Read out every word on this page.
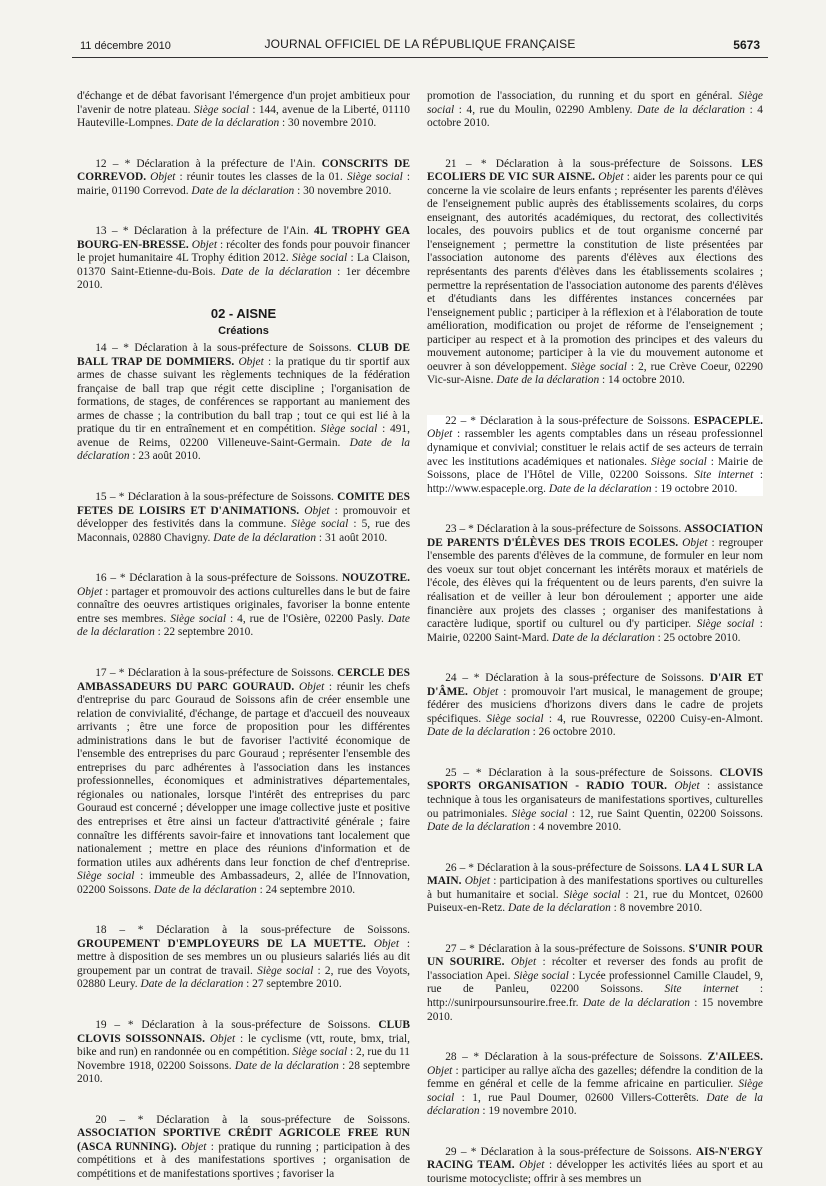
11 décembre 2010	JOURNAL OFFICIEL DE LA RÉPUBLIQUE FRANÇAISE	5673

d'échange et de débat favorisant l'émergence d'un projet ambitieux pour l'avenir de notre plateau. Siège social : 144, avenue de la Liberté, 01110 Hauteville-Lompnes. Date de la déclaration : 30 novembre 2010.

12 – * Déclaration à la préfecture de l'Ain. CONSCRITS DE CORREVOD. Objet : réunir toutes les classes de la 01. Siège social : mairie, 01190 Correvod. Date de la déclaration : 30 novembre 2010.

13 – * Déclaration à la préfecture de l'Ain. 4L TROPHY GEA BOURG-EN-BRESSE. Objet : récolter des fonds pour pouvoir financer le projet humanitaire 4L Trophy édition 2012. Siège social : La Claison, 01370 Saint-Etienne-du-Bois. Date de la déclaration : 1er décembre 2010.

02 - AISNE

Créations

14 – * Déclaration à la sous-préfecture de Soissons. CLUB DE BALL TRAP DE DOMMIERS. Objet : la pratique du tir sportif aux armes de chasse suivant les règlements techniques de la fédération française de ball trap que régit cette discipline ; l'organisation de formations, de stages, de conférences se rapportant au maniement des armes de chasse ; la contribution du ball trap ; tout ce qui est lié à la pratique du tir en entraînement et en compétition. Siège social : 491, avenue de Reims, 02200 Villeneuve-Saint-Germain. Date de la déclaration : 23 août 2010.

15 – * Déclaration à la sous-préfecture de Soissons. COMITE DES FETES DE LOISIRS ET D'ANIMATIONS. Objet : promouvoir et développer des festivités dans la commune. Siège social : 5, rue des Maconnais, 02880 Chavigny. Date de la déclaration : 31 août 2010.

16 – * Déclaration à la sous-préfecture de Soissons. NOUZOTRE. Objet : partager et promouvoir des actions culturelles dans le but de faire connaître des oeuvres artistiques originales, favoriser la bonne entente entre ses membres. Siège social : 4, rue de l'Osière, 02200 Pasly. Date de la déclaration : 22 septembre 2010.

17 – * Déclaration à la sous-préfecture de Soissons. CERCLE DES AMBASSADEURS DU PARC GOURAUD. Objet : réunir les chefs d'entreprise du parc Gouraud de Soissons afin de créer ensemble une relation de convivialité, d'échange, de partage et d'accueil des nouveaux arrivants ; être une force de proposition pour les différentes administrations dans le but de favoriser l'activité économique de l'ensemble des entreprises du parc Gouraud ; représenter l'ensemble des entreprises du parc adhérentes à l'association dans les instances professionnelles, économiques et administratives départementales, régionales ou nationales, lorsque l'intérêt des entreprises du parc Gouraud est concerné ; développer une image collective juste et positive des entreprises et être ainsi un facteur d'attractivité générale ; faire connaître les différents savoir-faire et innovations tant localement que nationalement ; mettre en place des réunions d'information et de formation utiles aux adhérents dans leur fonction de chef d'entreprise. Siège social : immeuble des Ambassadeurs, 2, allée de l'Innovation, 02200 Soissons. Date de la déclaration : 24 septembre 2010.

18 – * Déclaration à la sous-préfecture de Soissons. GROUPEMENT D'EMPLOYEURS DE LA MUETTE. Objet : mettre à disposition de ses membres un ou plusieurs salariés liés au dit groupement par un contrat de travail. Siège social : 2, rue des Voyots, 02880 Leury. Date de la déclaration : 27 septembre 2010.

19 – * Déclaration à la sous-préfecture de Soissons. CLUB CLOVIS SOISSONNAIS. Objet : le cyclisme (vtt, route, bmx, trial, bike and run) en randonnée ou en compétition. Siège social : 2, rue du 11 Novembre 1918, 02200 Soissons. Date de la déclaration : 28 septembre 2010.

20 – * Déclaration à la sous-préfecture de Soissons. ASSOCIATION SPORTIVE CRÉDIT AGRICOLE FREE RUN (ASCA RUNNING). Objet : pratique du running ; participation à des compétitions et à des manifestations sportives ; organisation de compétitions et de manifestations sportives ; favoriser la

promotion de l'association, du running et du sport en général. Siège social : 4, rue du Moulin, 02290 Ambleny. Date de la déclaration : 4 octobre 2010.

21 – * Déclaration à la sous-préfecture de Soissons. LES ECOLIERS DE VIC SUR AISNE. Objet : aider les parents pour ce qui concerne la vie scolaire de leurs enfants ; représenter les parents d'élèves de l'enseignement public auprès des établissements scolaires, du corps enseignant, des autorités académiques, du rectorat, des collectivités locales, des pouvoirs publics et de tout organisme concerné par l'enseignement ; permettre la constitution de liste présentées par l'association autonome des parents d'élèves aux élections des représentants des parents d'élèves dans les établissements scolaires ; permettre la représentation de l'association autonome des parents d'élèves et d'étudiants dans les différentes instances concernées par l'enseignement public ; participer à la réflexion et à l'élaboration de toute amélioration, modification ou projet de réforme de l'enseignement ; participer au respect et à la promotion des principes et des valeurs du mouvement autonome; participer à la vie du mouvement autonome et oeuvrer à son développement. Siège social : 2, rue Crève Coeur, 02290 Vic-sur-Aisne. Date de la déclaration : 14 octobre 2010.

22 – * Déclaration à la sous-préfecture de Soissons. ESPACEPLE. Objet : rassembler les agents comptables dans un réseau professionnel dynamique et convivial; constituer le relais actif de ses acteurs de terrain avec les institutions académiques et nationales. Siège social : Mairie de Soissons, place de l'Hôtel de Ville, 02200 Soissons. Site internet : http://www.espaceple.org. Date de la déclaration : 19 octobre 2010.

23 – * Déclaration à la sous-préfecture de Soissons. ASSOCIATION DE PARENTS D'ÉLÈVES DES TROIS ECOLES. Objet : regrouper l'ensemble des parents d'élèves de la commune, de formuler en leur nom des voeux sur tout objet concernant les intérêts moraux et matériels de l'école, des élèves qui la fréquentent ou de leurs parents, d'en suivre la réalisation et de veiller à leur bon déroulement ; apporter une aide financière aux projets des classes ; organiser des manifestations à caractère ludique, sportif ou culturel ou d'y participer. Siège social : Mairie, 02200 Saint-Mard. Date de la déclaration : 25 octobre 2010.

24 – * Déclaration à la sous-préfecture de Soissons. D'AIR ET D'ÂME. Objet : promouvoir l'art musical, le management de groupe; fédérer des musiciens d'horizons divers dans le cadre de projets spécifiques. Siège social : 4, rue Rouvresse, 02200 Cuisy-en-Almont. Date de la déclaration : 26 octobre 2010.

25 – * Déclaration à la sous-préfecture de Soissons. CLOVIS SPORTS ORGANISATION - RADIO TOUR. Objet : assistance technique à tous les organisateurs de manifestations sportives, culturelles ou patrimoniales. Siège social : 12, rue Saint Quentin, 02200 Soissons. Date de la déclaration : 4 novembre 2010.

26 – * Déclaration à la sous-préfecture de Soissons. LA 4 L SUR LA MAIN. Objet : participation à des manifestations sportives ou culturelles à but humanitaire et social. Siège social : 21, rue du Montcet, 02600 Puiseux-en-Retz. Date de la déclaration : 8 novembre 2010.

27 – * Déclaration à la sous-préfecture de Soissons. S'UNIR POUR UN SOURIRE. Objet : récolter et reverser des fonds au profit de l'association Apei. Siège social : Lycée professionnel Camille Claudel, 9, rue de Panleu, 02200 Soissons. Site internet : http://sunirpoursunsourire.free.fr. Date de la déclaration : 15 novembre 2010.

28 – * Déclaration à la sous-préfecture de Soissons. Z'AILEES. Objet : participer au rallye aïcha des gazelles; défendre la condition de la femme en général et celle de la femme africaine en particulier. Siège social : 1, rue Paul Doumer, 02600 Villers-Cotterêts. Date de la déclaration : 19 novembre 2010.

29 – * Déclaration à la sous-préfecture de Soissons. AIS-N'ERGY RACING TEAM. Objet : développer les activités liées au sport et au tourisme motocycliste; offrir à ses membres un
